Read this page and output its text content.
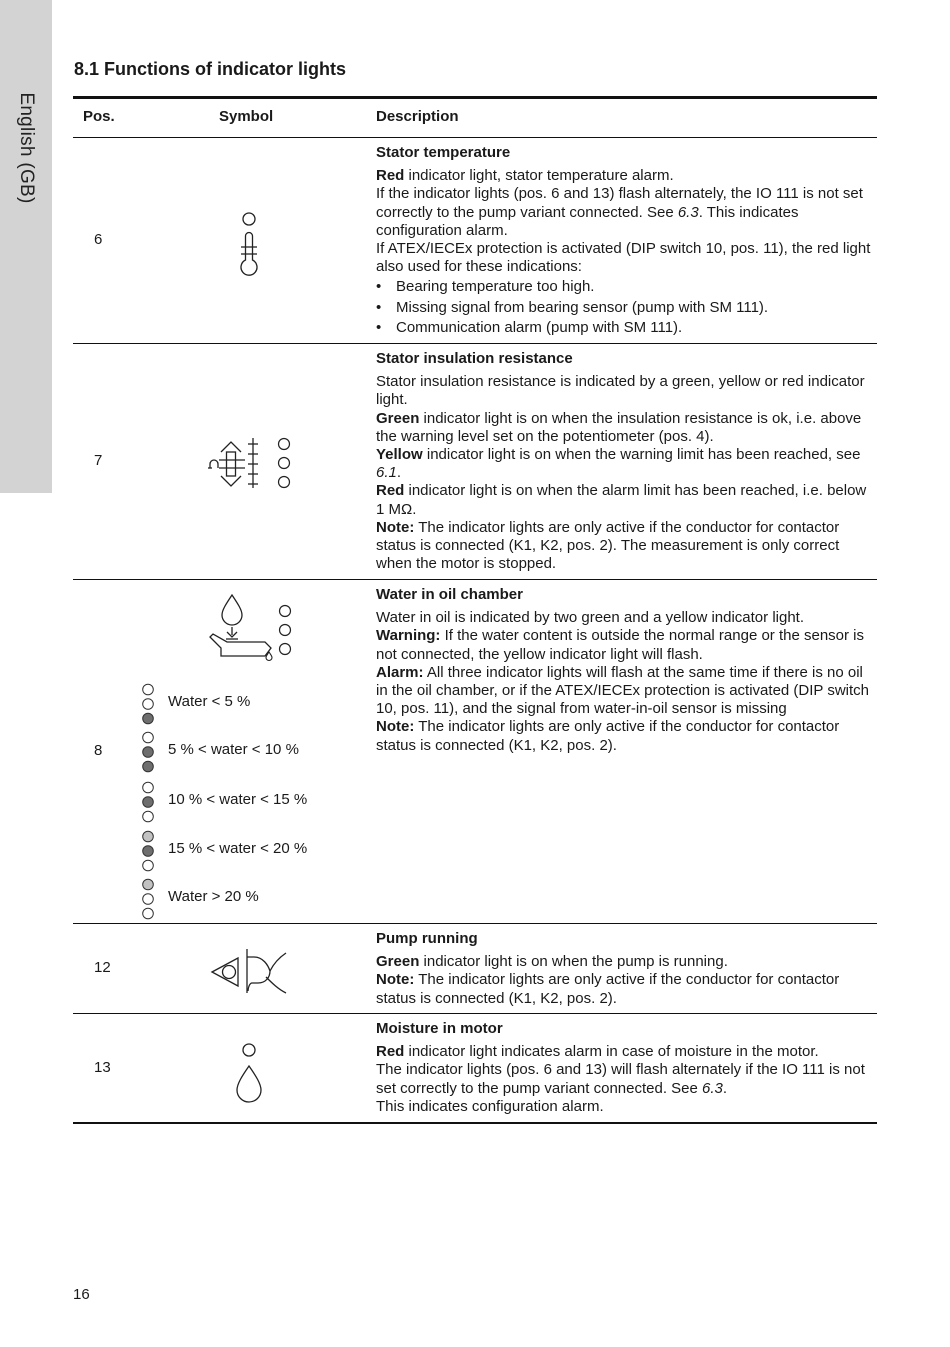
English (GB)
8.1 Functions of indicator lights
Pos.	Symbol	Description
6
Stator temperature

Red indicator light, stator temperature alarm.

If the indicator lights (pos. 6 and 13) flash alternately, the IO 111 is not set correctly to the pump variant connected. See 6.3. This indicates configuration alarm.

If ATEX/IECEx protection is activated (DIP switch 10, pos. 11), the red light also used for these indications:

• Bearing temperature too high.
• Missing signal from bearing sensor (pump with SM 111).
• Communication alarm (pump with SM 111).
7
Stator insulation resistance

Stator insulation resistance is indicated by a green, yellow or red indicator light.

Green indicator light is on when the insulation resistance is ok, i.e. above the warning level set on the potentiometer (pos. 4).

Yellow indicator light is on when the warning limit has been reached, see 6.1.

Red indicator light is on when the alarm limit has been reached, i.e. below 1 MΩ.

Note: The indicator lights are only active if the conductor for contactor status is connected (K1, K2, pos. 2). The measurement is only correct when the motor is stopped.

8
Water < 5 %
5 % < water < 10 %
10 % < water < 15 %
15 % < water < 20 %
Water > 20 %
Water in oil chamber

Water in oil is indicated by two green and a yellow indicator light.

Warning: If the water content is outside the normal range or the sensor is not connected, the yellow indicator light will flash.

Alarm: All three indicator lights will flash at the same time if there is no oil in the oil chamber, or if the ATEX/IECEx protection is activated (DIP switch 10, pos. 11), and the signal from water-in-oil sensor is missing

Note: The indicator lights are only active if the conductor for contactor status is connected (K1, K2, pos. 2).

12
Pump running

Green indicator light is on when the pump is running.

Note: The indicator lights are only active if the conductor for contactor status is connected (K1, K2, pos. 2).

13
Moisture in motor

Red indicator light indicates alarm in case of moisture in the motor.

The indicator lights (pos. 6 and 13) will flash alternately if the IO 111 is not set correctly to the pump variant connected. See 6.3.

This indicates configuration alarm.

16
